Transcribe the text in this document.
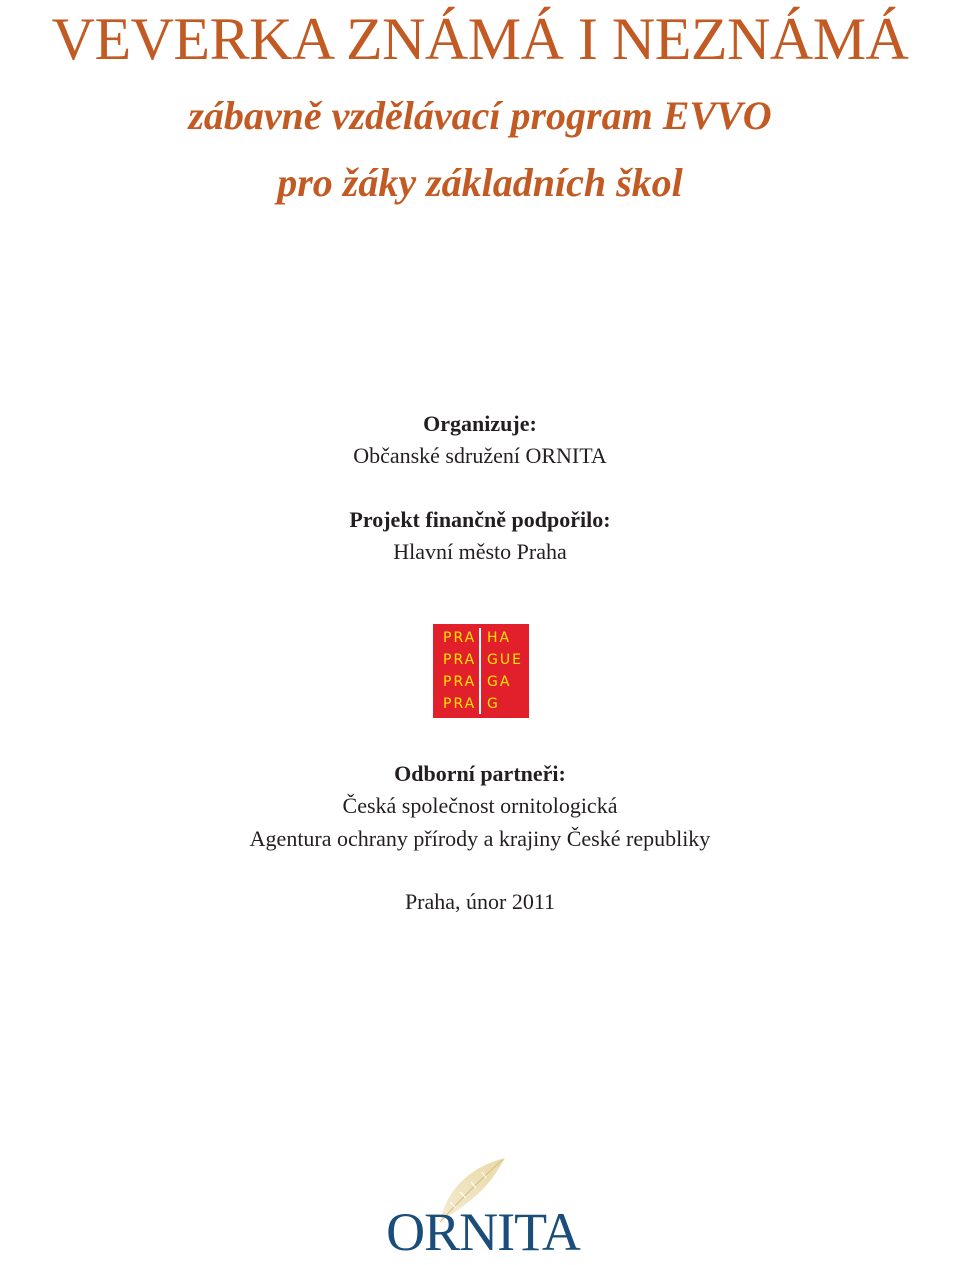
VEVERKA ZNÁMÁ I NEZNÁMÁ
zábavně vzdělávací program EVVO
pro žáky základních škol
Organizuje:
Občanské sdružení ORNITA
Projekt finančně podpořilo:
Hlavní město Praha
PRA HA
PRA GUE
PRA GA
PRA G
Odborní partneři:
Česká společnost ornitologická
Agentura ochrany přírody a krajiny České republiky
Praha, únor 2011
ORNITA
